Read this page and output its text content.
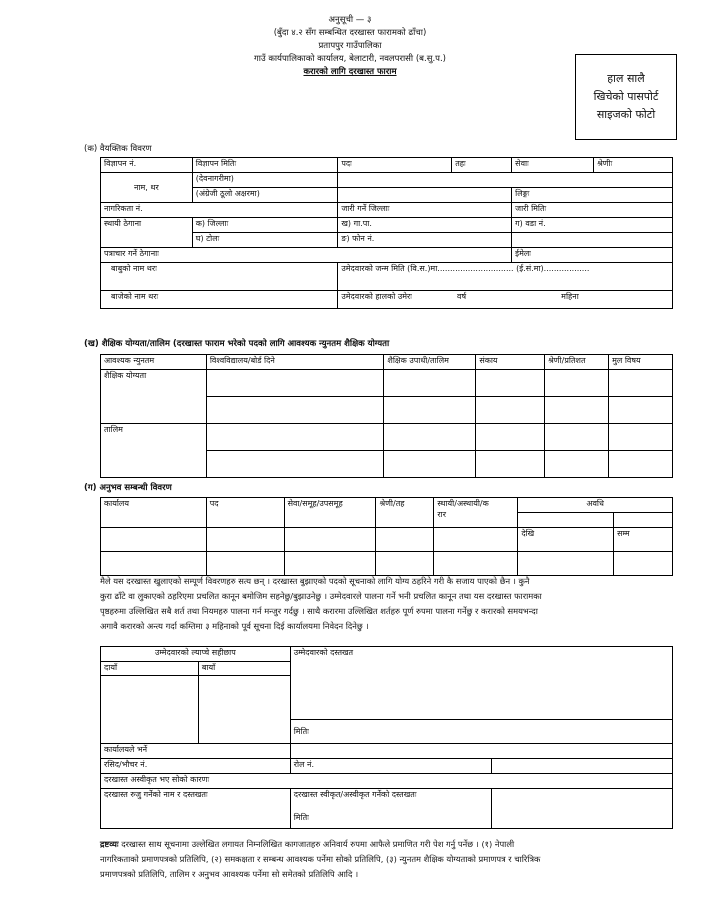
अनुसूची — ३
(बुँदा ४.२ सँग सम्बन्धित दरखास्त फारामको ढाँचा)
प्रतापपुर गाउँपालिका
गाउँ कार्यपालिकाको कार्यालय, बेलाटारी, नवलपरासी (ब.सु.प.)
करारको लागि दरखास्त फाराम	हाल सालै
खिचेको पासपोर्ट
साइजको फोटो
(क) वैयक्तिक विवरण
विज्ञापन नं.	विज्ञापन मितिः	पदः	तहः	सेवाः	श्रेणीः
नाम, थर	(देवनागरीमा)				
	(अंग्रेजी ठूलो अक्षरमा)			लिङ्गः	
नागरिकता नं.		जारी गर्ने जिल्लाः		जारी मितिः	
स्थायी ठेगाना	क) जिल्लाः	ख) गा.पा.		ग) वडा नं.	
	घ) टोलः	ङ) फोन नं.			
पत्राचार गर्ने ठेगानाः				ईमेलः	
बाबुको नाम थरः		उमेदवारको जन्म मिति (वि.स.)मा.............................. (ई.सं.मा)..................			
बाजेको नाम थरः		उमेदवारको हालको उमेरः वर्ष महिना			
(ख) शैक्षिक योग्यता/तालिम (दरखास्त फाराम भरेको पदको लागि आवश्यक न्युनतम शैक्षिक योग्यता
आवश्यक न्युनतम	विश्वविद्यालय/बोर्ड दिने	शैक्षिक उपाधी/तालिम	संकाय	श्रेणी/प्रतिशत	मुल विषय
शैक्षिक योग्यता					

तालिम					

(ग) अनुभव सम्बन्धी विवरण
कार्यालय	पद	सेवा/समूह/उपसमूह	श्रेणी/तह	स्थायी/अस्थायी/क
रार	अवधि	

					देखि	सम्म

मैले यस दरखास्त खुलाएको सम्पूर्ण विवरणहरु सत्य छन् । दरखास्त बुझाएको पदको सूचनाको लागि योग्य ठहरिने गरी कै सजाय पाएको छैन । कुनै
कुरा ढाँटे वा लुकाएको ठहरिएमा प्रचलित कानून बमोजिम सहनेछु/बुझाउनेछु । उम्मेदवारले पालना गर्ने भनी प्रचलित कानून तथा यस दरखास्त फारामका
पृष्ठहरुमा उल्लिखित सबै शर्त तथा नियमहरु पालना गर्न मन्जुर गर्दछु । साथै करारमा उल्लिखित शर्तहरु पूर्ण रुपमा पालना गर्नेछु र करारको समयभन्दा
अगावै करारको अन्त्य गर्दा कम्तिमा ३ महिनाको पूर्व सूचना दिई कार्यालयमा निवेदन दिनेछु ।
उम्मेदवारको ल्याप्चे सहीछाप		उम्मेदवारको दस्तखत	
दायाँ	बायाँ		

		मितिः	
कार्यालयले भर्ने			
रसिद/भौचर नं.		रोल नं.	
दरखास्त अस्वीकृत भए सोको कारणः			
दरखास्त रुजु गर्नेको नाम र दस्तखतः		दरखास्त स्वीकृत/अस्वीकृत गर्नेको दस्तखतः
मितिः	

द्रष्टव्यः दरखास्त साथ सूचनामा उल्लेखित लगायत निम्नलिखित कागजातहरु अनिवार्य रुपमा आफैले प्रमाणित गरी पेश गर्नु पर्नेछ । (१) नेपाली
नागरिकताको प्रमाणपत्रको प्रतिलिपि, (२) समकक्षता र सम्बन्ध आवश्यक पर्नेमा सोको प्रतिलिपि, (३) न्युनतम शैक्षिक योग्यताको प्रमाणपत्र र चारित्रिक
प्रमाणपत्रको प्रतिलिपि, तालिम र अनुभव आवश्यक पर्नेमा सो समेतको प्रतिलिपि आदि ।
